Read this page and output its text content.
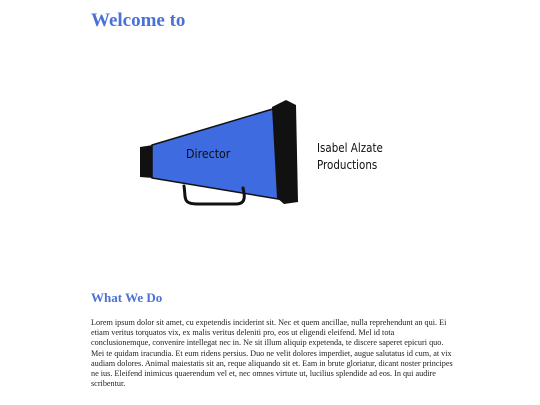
Welcome to
Director	Isabel Alzate Productions
What We Do

Lorem ipsum dolor sit amet, cu expetendis inciderint sit. Nec et quem ancillae, nulla reprehendunt an qui. Ei etiam veritus torquatos vix, ex malis veritus deleniti pro, eos ut eligendi eleifend. Mel id tota conclusionemque, convenire intellegat nec in. Ne sit illum aliquip expetenda, te discere saperet epicuri quo. Mei te quidam iracundia. Et eum ridens persius. Duo ne velit dolores imperdiet, augue salutatus id cum, at vix audiam dolores. Animal maiestatis sit an, reque aliquando sit et. Eam in brute gloriatur, dicant noster principes ne ius. Eleifend inimicus quaerendum vel et, nec omnes virtute ut, lucilius splendide ad eos. In qui audire scribentur.
